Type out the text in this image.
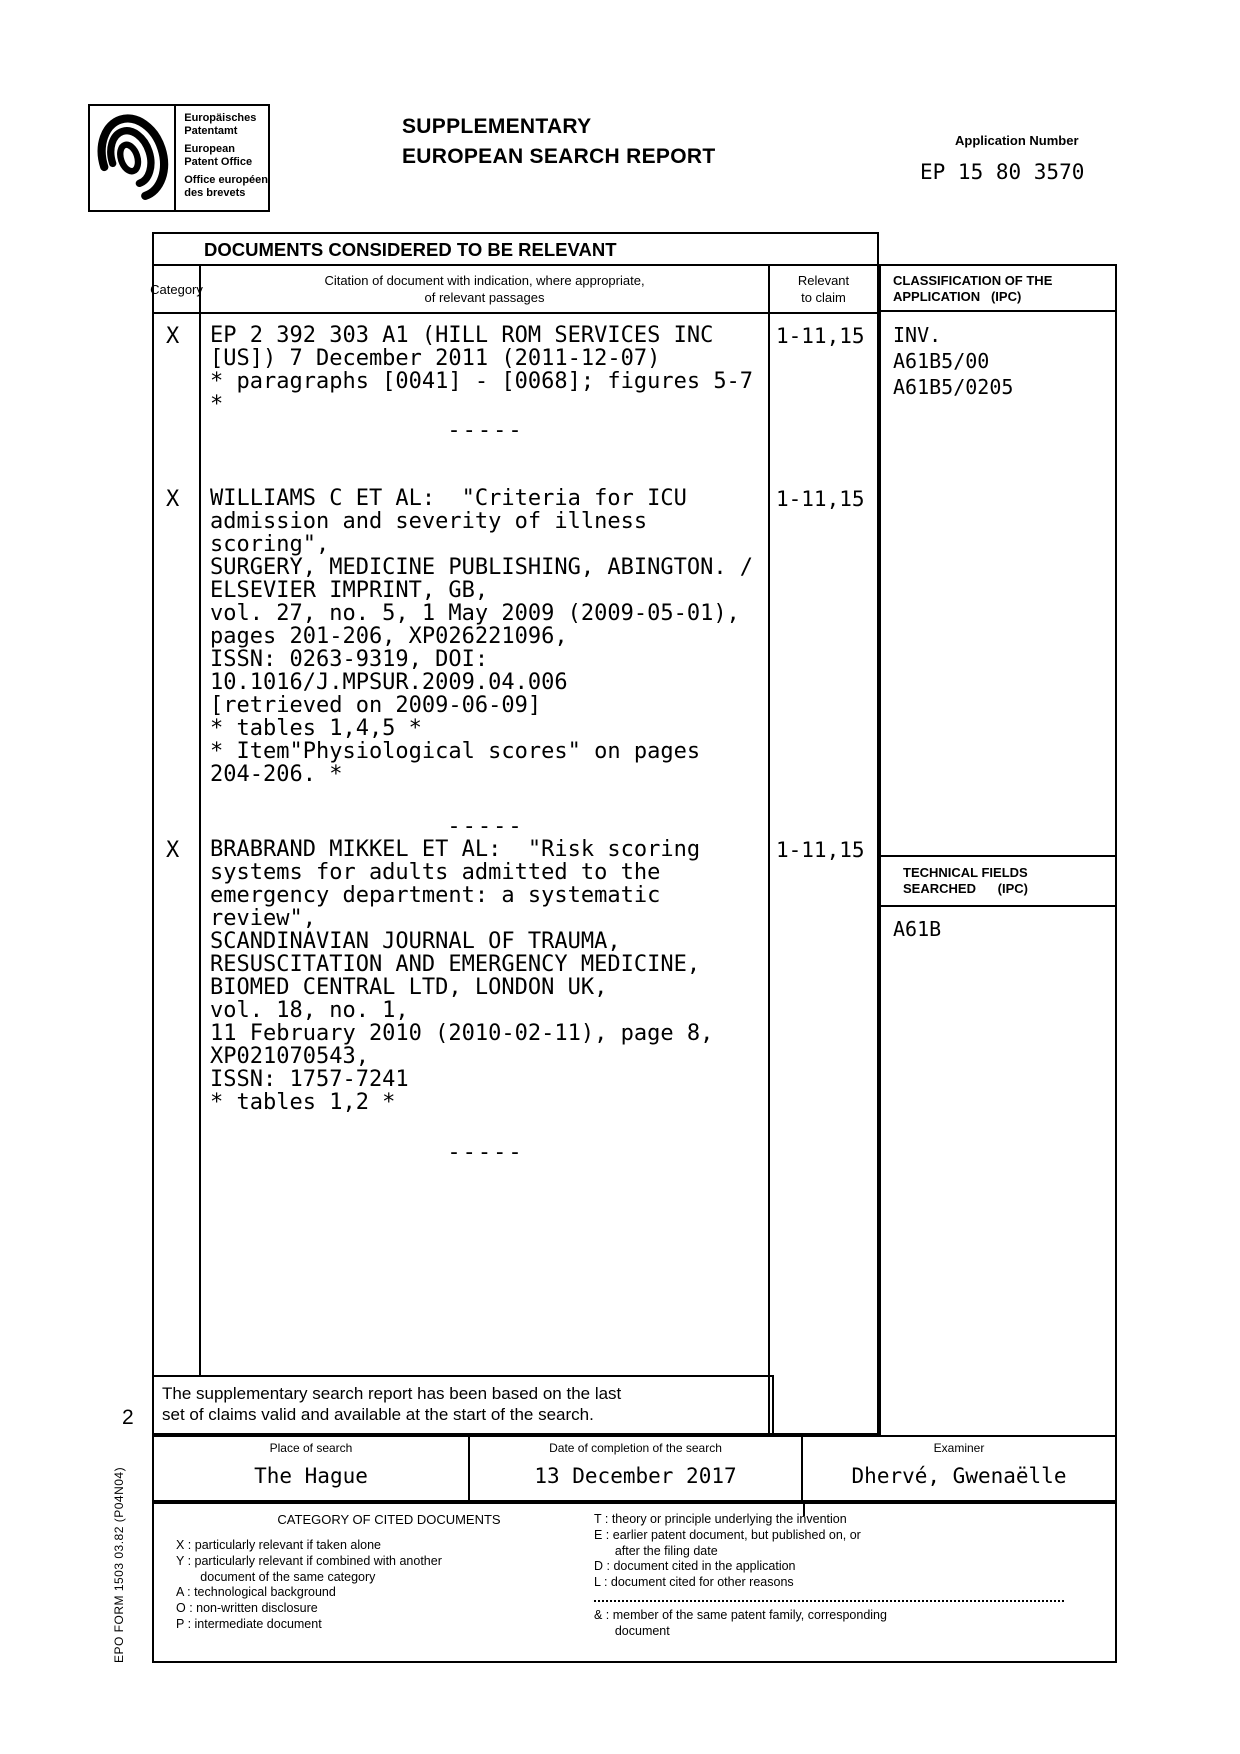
Europäisches
Patentamt
European
Patent Office
Office européen
des brevets
SUPPLEMENTARY
EUROPEAN SEARCH REPORT
Application Number
EP 15 80 3570
DOCUMENTS CONSIDERED TO BE RELEVANT
Category
Citation of document with indication, where appropriate,
of relevant passages
Relevant
to claim
X EP 2 392 303 A1 (HILL ROM SERVICES INC
[US]) 7 December 2011 (2011-12-07)
* paragraphs [0041] - [0068]; figures 5-7
*
1-11,15
-----
X WILLIAMS C ET AL:  "Criteria for ICU
admission and severity of illness
scoring",
SURGERY, MEDICINE PUBLISHING, ABINGTON. /
ELSEVIER IMPRINT, GB,
vol. 27, no. 5, 1 May 2009 (2009-05-01),
pages 201-206, XP026221096,
ISSN: 0263-9319, DOI:
10.1016/J.MPSUR.2009.04.006
[retrieved on 2009-06-09]
* tables 1,4,5 *
* Item"Physiological scores" on pages
204-206. *
1-11,15
-----
X BRABRAND MIKKEL ET AL:  "Risk scoring
systems for adults admitted to the
emergency department: a systematic
review",
SCANDINAVIAN JOURNAL OF TRAUMA,
RESUSCITATION AND EMERGENCY MEDICINE,
BIOMED CENTRAL LTD, LONDON UK,
vol. 18, no. 1,
11 February 2010 (2010-02-11), page 8,
XP021070543,
ISSN: 1757-7241
* tables 1,2 *
1-11,15
-----
The supplementary search report has been based on the last
set of claims valid and available at the start of the search.
CLASSIFICATION OF THE
APPLICATION   (IPC)
INV.
A61B5/00
A61B5/0205
TECHNICAL FIELDS
SEARCHED      (IPC)
A61B
Place of search
The Hague
Date of completion of the search
13 December 2017
Examiner
Dhervé, Gwenaëlle
CATEGORY OF CITED DOCUMENTS
X : particularly relevant if taken alone
Y : particularly relevant if combined with another
document of the same category
A : technological background
O : non-written disclosure
P : intermediate document
T : theory or principle underlying the invention
E : earlier patent document, but published on, or
after the filing date
D : document cited in the application
L : document cited for other reasons
& : member of the same patent family, corresponding
document
2
EPO FORM 1503 03.82 (P04N04)
